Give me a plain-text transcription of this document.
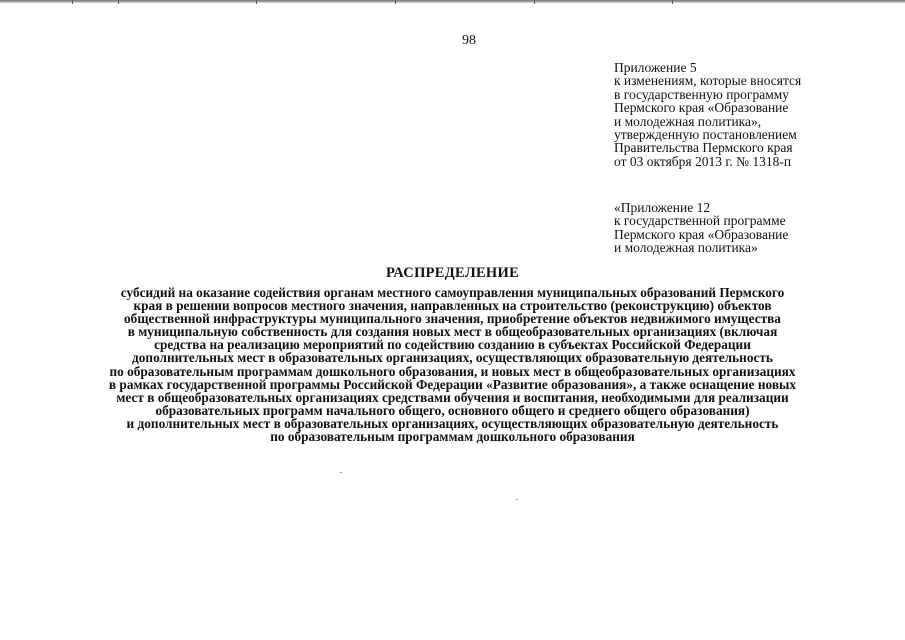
98
Приложение 5
к изменениям, которые вносятся
в государственную программу
Пермского края «Образование
и молодежная политика»,
утвержденную постановлением
Правительства Пермского края
от 03 октября 2013 г. № 1318-п
«Приложение 12
к государственной программе
Пермского края «Образование
и молодежная политика»
РАСПРЕДЕЛЕНИЕ
субсидий на оказание содействия органам местного самоуправления муниципальных образований Пермского
края в решении вопросов местного значения, направленных на строительство (реконструкцию) объектов
общественной инфраструктуры муниципального значения, приобретение объектов недвижимого имущества
в муниципальную собственность для создания новых мест в общеобразовательных организациях (включая
средства на реализацию мероприятий по содействию созданию в субъектах Российской Федерации
дополнительных мест в образовательных организациях, осуществляющих образовательную деятельность
по образовательным программам дошкольного образования, и новых мест в общеобразовательных организациях
в рамках государственной программы Российской Федерации «Развитие образования», а также оснащение новых
мест в общеобразовательных организациях средствами обучения и воспитания, необходимыми для реализации
образовательных программ начального общего, основного общего и среднего общего образования)
и дополнительных мест в образовательных организациях, осуществляющих образовательную деятельность
по образовательным программам дошкольного образования
